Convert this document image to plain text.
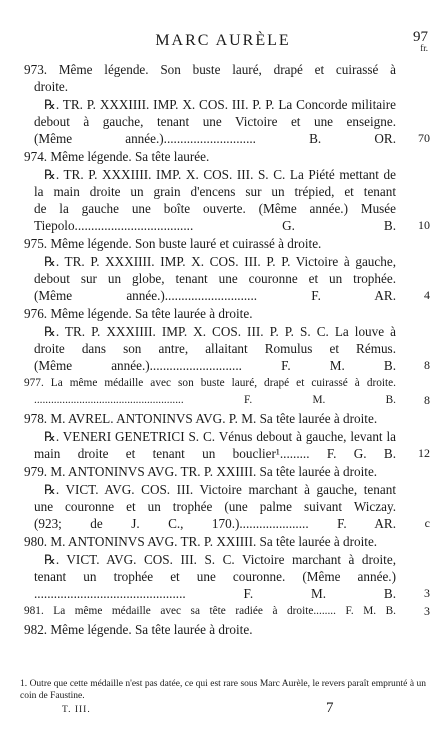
MARC AURÈLE	97
fr.
973. Même légende. Son buste lauré, drapé et cuirassé à
droite.
℞. TR. P. XXXIIII. IMP. X. COS. III. P. P. La Concorde militaire
debout à gauche, tenant une Victoire et une enseigne.
(Même année.)............................ B. OR.	70
974. Même légende. Sa tête laurée.
℞. TR. P. XXXIIII. IMP. X. COS. III. S. C. La Piété mettant de
la main droite un grain d'encens sur un trépied, et tenant
de la gauche une boîte ouverte. (Même année.) Musée
Tiepolo.................................... G. B.	10
975. Même légende. Son buste lauré et cuirassé à droite.
℞. TR. P. XXXIIII. IMP. X. COS. III. P. P. Victoire à gauche,
debout sur un globe, tenant une couronne et un trophée.
(Même année.)............................ F. AR.	4
976. Même légende. Sa tête laurée à droite.
℞. TR. P. XXXIIII. IMP. X. COS. III. P. P. S. C. La louve à
droite dans son antre, allaitant Romulus et Rémus.
(Même année.)............................ F. M. B.	8
977. La même médaille avec son buste lauré, drapé et cuirassé à droite.
..................................................... F. M. B.	8
978. M. AVREL. ANTONINVS AVG. P. M. Sa tête laurée à droite.
℞. VENERI GENETRICI S. C. Vénus debout à gauche, levant la
main droite et tenant un bouclier¹......... F. G. B.	12
979. M. ANTONINVS AVG. TR. P. XXIIII. Sa tête laurée à droite.
℞. VICT. AVG. COS. III. Victoire marchant à gauche, tenant
une couronne et un trophée (une palme suivant Wiczay.
(923; de J. C., 170.)..................... F. AR.	c
980. M. ANTONINVS AVG. TR. P. XXIIII. Sa tête laurée à droite.
℞. VICT. AVG. COS. III. S. C. Victoire marchant à droite,
tenant un trophée et une couronne. (Même année.)
.............................................. F. M. B.	3
981. La même médaille avec sa tête radiée à droite........ F. M. B.	3
982. Même légende. Sa tête laurée à droite.
1. Outre que cette médaille n'est pas datée, ce qui est rare sous Marc Aurèle, le revers paraît emprunté à un coin de Faustine.
T. III.	7
